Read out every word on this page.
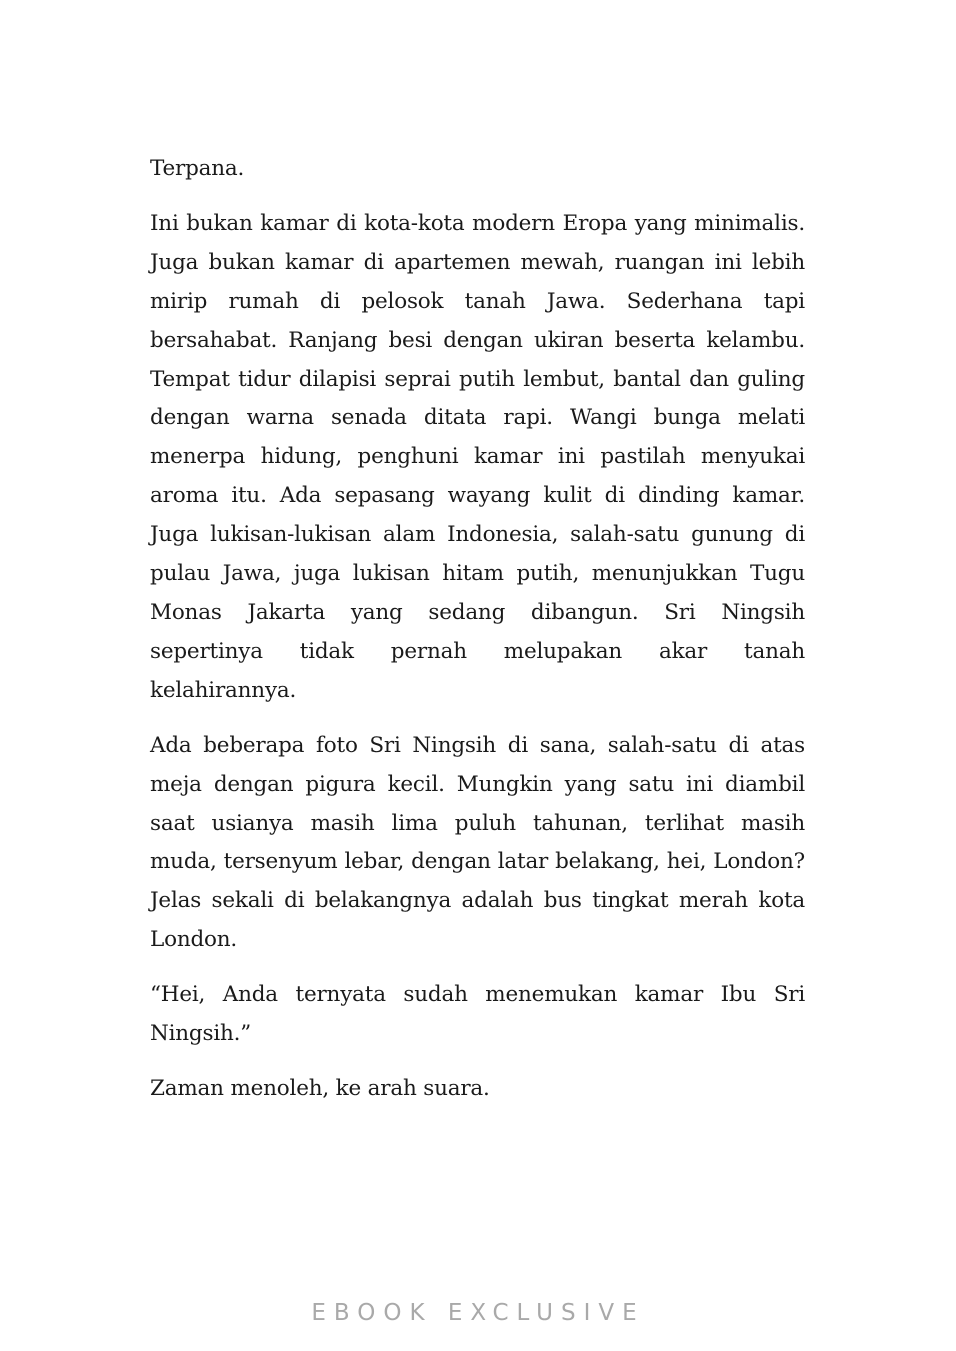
Terpana.

Ini bukan kamar di kota-kota modern Eropa yang minimalis. Juga bukan kamar di apartemen mewah, ruangan ini lebih mirip rumah di pelosok tanah Jawa. Sederhana tapi bersahabat. Ranjang besi dengan ukiran beserta kelambu. Tempat tidur dilapisi seprai putih lembut, bantal dan guling dengan warna senada ditata rapi. Wangi bunga melati menerpa hidung, penghuni kamar ini pastilah menyukai aroma itu. Ada sepasang wayang kulit di dinding kamar. Juga lukisan-lukisan alam Indonesia, salah-satu gunung di pulau Jawa, juga lukisan hitam putih, menunjukkan Tugu Monas Jakarta yang sedang dibangun. Sri Ningsih sepertinya tidak pernah melupakan akar tanah kelahirannya.

Ada beberapa foto Sri Ningsih di sana, salah-satu di atas meja dengan pigura kecil. Mungkin yang satu ini diambil saat usianya masih lima puluh tahunan, terlihat masih muda, tersenyum lebar, dengan latar belakang, hei, London? Jelas sekali di belakangnya adalah bus tingkat merah kota London.

“Hei, Anda ternyata sudah menemukan kamar Ibu Sri Ningsih.”

Zaman menoleh, ke arah suara.

EBOOK EXCLUSIVE
